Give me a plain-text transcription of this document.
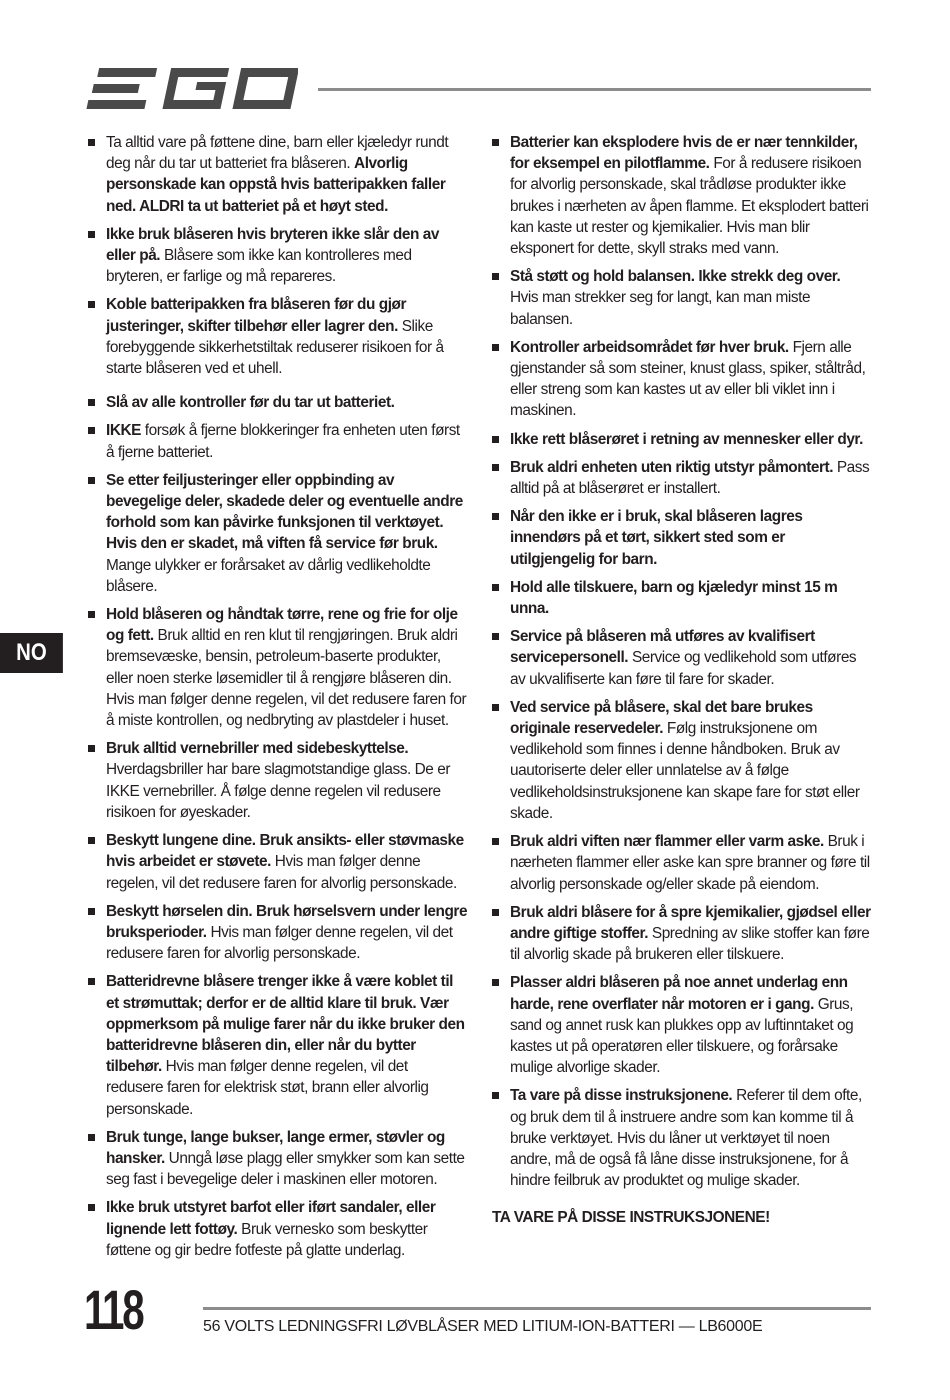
EGO
NO
Ta alltid vare på føttene dine, barn eller kjæledyr rundt deg når du tar ut batteriet fra blåseren. Alvorlig personskade kan oppstå hvis batteripakken faller ned. ALDRI ta ut batteriet på et høyt sted.
Ikke bruk blåseren hvis bryteren ikke slår den av eller på. Blåsere som ikke kan kontrolleres med bryteren, er farlige og må repareres.
Koble batteripakken fra blåseren før du gjør justeringer, skifter tilbehør eller lagrer den. Slike forebyggende sikkerhetstiltak reduserer risikoen for å starte blåseren ved et uhell.
Slå av alle kontroller før du tar ut batteriet.
IKKE forsøk å fjerne blokkeringer fra enheten uten først å fjerne batteriet.
Se etter feiljusteringer eller oppbinding av bevegelige deler, skadede deler og eventuelle andre forhold som kan påvirke funksjonen til verktøyet. Hvis den er skadet, må viften få service før bruk. Mange ulykker er forårsaket av dårlig vedlikeholdte blåsere.
Hold blåseren og håndtak tørre, rene og frie for olje og fett. Bruk alltid en ren klut til rengjøringen. Bruk aldri bremsevæske, bensin, petroleum-baserte produkter, eller noen sterke løsemidler til å rengjøre blåseren din. Hvis man følger denne regelen, vil det redusere faren for å miste kontrollen, og nedbryting av plastdeler i huset.
Bruk alltid vernebriller med sidebeskyttelse. Hverdagsbriller har bare slagmotstandige glass. De er IKKE vernebriller. Å følge denne regelen vil redusere risikoen for øyeskader.
Beskytt lungene dine. Bruk ansikts- eller støvmaske hvis arbeidet er støvete. Hvis man følger denne regelen, vil det redusere faren for alvorlig personskade.
Beskytt hørselen din. Bruk hørselsvern under lengre bruksperioder. Hvis man følger denne regelen, vil det redusere faren for alvorlig personskade.
Batteridrevne blåsere trenger ikke å være koblet til et strømuttak; derfor er de alltid klare til bruk. Vær oppmerksom på mulige farer når du ikke bruker den batteridrevne blåseren din, eller når du bytter tilbehør. Hvis man følger denne regelen, vil det redusere faren for elektrisk støt, brann eller alvorlig personskade.
Bruk tunge, lange bukser, lange ermer, støvler og hansker. Unngå løse plagg eller smykker som kan sette seg fast i bevegelige deler i maskinen eller motoren.
Ikke bruk utstyret barfot eller iført sandaler, eller lignende lett fottøy. Bruk vernesko som beskytter føttene og gir bedre fotfeste på glatte underlag.
Batterier kan eksplodere hvis de er nær tennkilder, for eksempel en pilotflamme. For å redusere risikoen for alvorlig personskade, skal trådløse produkter ikke brukes i nærheten av åpen flamme. Et eksplodert batteri kan kaste ut rester og kjemikalier. Hvis man blir eksponert for dette, skyll straks med vann.
Stå støtt og hold balansen. Ikke strekk deg over. Hvis man strekker seg for langt, kan man miste balansen.
Kontroller arbeidsområdet før hver bruk. Fjern alle gjenstander så som steiner, knust glass, spiker, ståltråd, eller streng som kan kastes ut av eller bli viklet inn i maskinen.
Ikke rett blåserøret i retning av mennesker eller dyr.
Bruk aldri enheten uten riktig utstyr påmontert. Pass alltid på at blåserøret er installert.
Når den ikke er i bruk, skal blåseren lagres innendørs på et tørt, sikkert sted som er utilgjengelig for barn.
Hold alle tilskuere, barn og kjæledyr minst 15 m unna.
Service på blåseren må utføres av kvalifisert servicepersonell. Service og vedlikehold som utføres av ukvalifiserte kan føre til fare for skader.
Ved service på blåsere, skal det bare brukes originale reservedeler. Følg instruksjonene om vedlikehold som finnes i denne håndboken. Bruk av uautoriserte deler eller unnlatelse av å følge vedlikeholdsinstruksjonene kan skape fare for støt eller skade.
Bruk aldri viften nær flammer eller varm aske. Bruk i nærheten flammer eller aske kan spre branner og føre til alvorlig personskade og/eller skade på eiendom.
Bruk aldri blåsere for å spre kjemikalier, gjødsel eller andre giftige stoffer. Spredning av slike stoffer kan føre til alvorlig skade på brukeren eller tilskuere.
Plasser aldri blåseren på noe annet underlag enn harde, rene overflater når motoren er i gang. Grus, sand og annet rusk kan plukkes opp av luftinntaket og kastes ut på operatøren eller tilskuere, og forårsake mulige alvorlige skader.
Ta vare på disse instruksjonene. Referer til dem ofte, og bruk dem til å instruere andre som kan komme til å bruke verktøyet. Hvis du låner ut verktøyet til noen andre, må de også få låne disse instruksjonene, for å hindre feilbruk av produktet og mulige skader.
TA VARE PÅ DISSE INSTRUKSJONENE!
118	56 VOLTS LEDNINGSFRI LØVBLÅSER MED LITIUM-ION-BATTERI — LB6000E
